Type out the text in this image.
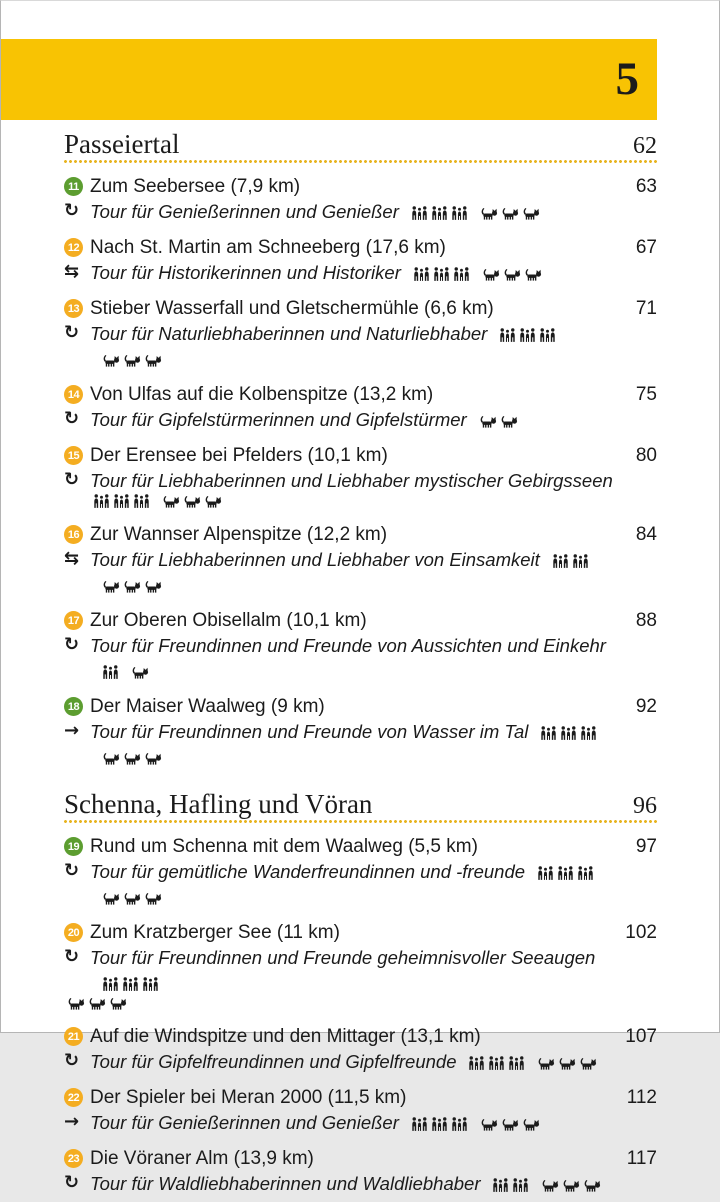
5
Passeiertal	62
11 Zum Seebersee (7,9 km)	63
↻ Tour für Genießerinnen und Genießer
12 Nach St. Martin am Schneeberg (17,6 km)	67
⇆ Tour für Historikerinnen und Historiker
13 Stieber Wasserfall und Gletschermühle (6,6 km)	71
↻ Tour für Naturliebhaberinnen und Naturliebhaber
14 Von Ulfas auf die Kolbenspitze (13,2 km)	75
↻ Tour für Gipfelstürmerinnen und Gipfelstürmer
15 Der Erensee bei Pfelders (10,1 km)	80
↻ Tour für Liebhaberinnen und Liebhaber mystischer Gebirgsseen
16 Zur Wannser Alpenspitze (12,2 km)	84
⇆ Tour für Liebhaberinnen und Liebhaber von Einsamkeit
17 Zur Oberen Obisellalm (10,1 km)	88
↻ Tour für Freundinnen und Freunde von Aussichten und Einkehr
18 Der Maiser Waalweg (9 km)	92
→ Tour für Freundinnen und Freunde von Wasser im Tal
Schenna, Hafling und Vöran	96
19 Rund um Schenna mit dem Waalweg (5,5 km)	97
↻ Tour für gemütliche Wanderfreundinnen und -freunde
20 Zum Kratzberger See (11 km)	102
↻ Tour für Freundinnen und Freunde geheimnisvoller Seeaugen
21 Auf die Windspitze und den Mittager (13,1 km)	107
↻ Tour für Gipfelfreundinnen und Gipfelfreunde
22 Der Spieler bei Meran 2000 (11,5 km)	112
→ Tour für Genießerinnen und Genießer
23 Die Vöraner Alm (13,9 km)	117
↻ Tour für Waldliebhaberinnen und Waldliebhaber
